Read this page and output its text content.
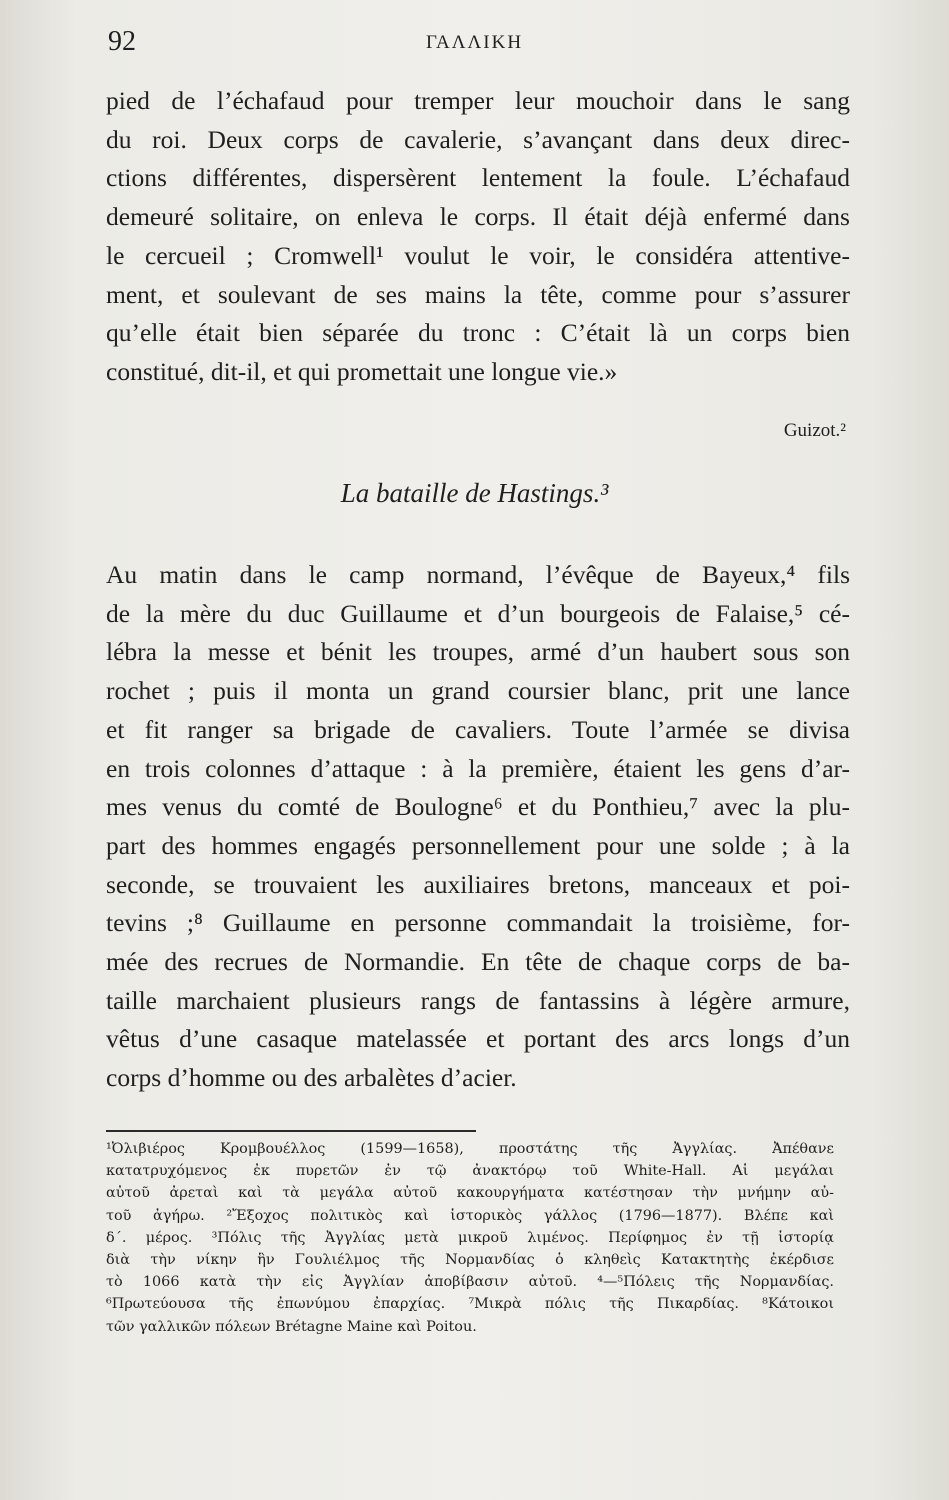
92	ΓΑΛΛΙΚΗ
pied de l’échafaud pour tremper leur mouchoir dans le sang
du roi. Deux corps de cavalerie, s’avançant dans deux direc-
ctions différentes, dispersèrent lentement la foule. L’échafaud
demeuré solitaire, on enleva le corps. Il était déjà enfermé dans
le cercueil ; Cromwell¹ voulut le voir, le considéra attentive-
ment, et soulevant de ses mains la tête, comme pour s’assurer
qu’elle était bien séparée du tronc : C’était là un corps bien
constitué, dit-il, et qui promettait une longue vie.»
Guizot.²
La bataille de Hastings.³
Au matin dans le camp normand, l’évêque de Bayeux,⁴ fils
de la mère du duc Guillaume et d’un bourgeois de Falaise,⁵ cé-
lébra la messe et bénit les troupes, armé d’un haubert sous son
rochet ; puis il monta un grand coursier blanc, prit une lance
et fit ranger sa brigade de cavaliers. Toute l’armée se divisa
en trois colonnes d’attaque : à la première, étaient les gens d’ar-
mes venus du comté de Boulogne⁶ et du Ponthieu,⁷ avec la plu-
part des hommes engagés personnellement pour une solde ; à la
seconde, se trouvaient les auxiliaires bretons, manceaux et poi-
tevins ;⁸ Guillaume en personne commandait la troisième, for-
mée des recrues de Normandie. En tête de chaque corps de ba-
taille marchaient plusieurs rangs de fantassins à légère armure,
vêtus d’une casaque matelassée et portant des arcs longs d’un
corps d’homme ou des arbalètes d’acier.
¹Ὀλιβιέρος Κρομβουέλλος (1599—1658), προστάτης τῆς Ἀγγλίας. Ἀπέθανε
κατατρυχόμενος ἐκ πυρετῶν ἐν τῷ ἀνακτόρῳ τοῦ White-Hall. Αἱ μεγάλαι
αὐτοῦ ἀρεταὶ καὶ τὰ μεγάλα αὐτοῦ κακουργήματα κατέστησαν τὴν μνήμην αὐ-
τοῦ ἀγήρω. ²Ἔξοχος πολιτικὸς καὶ ἱστορικὸς γάλλος (1796—1877). Βλέπε καὶ
δ´. μέρος. ³Πόλις τῆς Ἀγγλίας μετὰ μικροῦ λιμένος. Περίφημος ἐν τῇ ἱστορίᾳ
διὰ τὴν νίκην ἣν Γουλιέλμος τῆς Νορμανδίας ὁ κληθεὶς Κατακτητὴς ἐκέρδισε
τὸ 1066 κατὰ τὴν εἰς Ἀγγλίαν ἀποβίβασιν αὐτοῦ. ⁴—⁵Πόλεις τῆς Νορμανδίας.
⁶Πρωτεύουσα τῆς ἐπωνύμου ἐπαρχίας. ⁷Μικρὰ πόλις τῆς Πικαρδίας. ⁸Κάτοικοι
τῶν γαλλικῶν πόλεων Brétagne Maine καὶ Poitou.
